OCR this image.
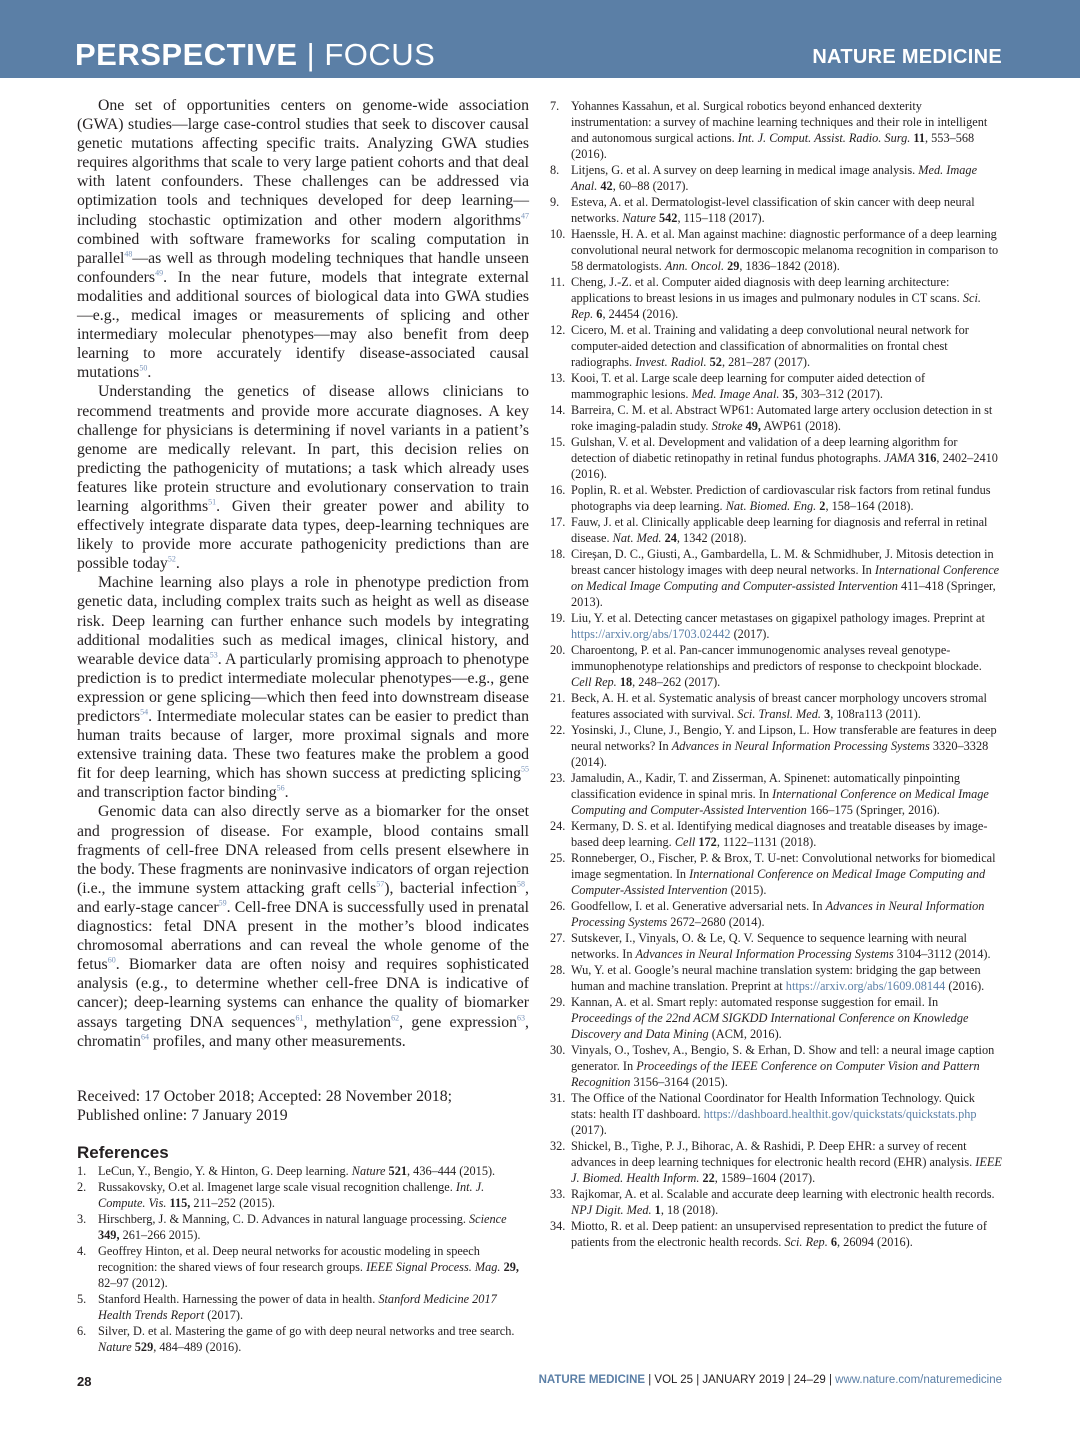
PERSPECTIVE | FOCUS	NATURE MEDICINE

One set of opportunities centers on genome-wide association (GWA) studies—large case-control studies that seek to discover causal genetic mutations affecting specific traits. Analyzing GWA studies requires algorithms that scale to very large patient cohorts and that deal with latent confounders. These challenges can be addressed via optimization tools and techniques developed for deep learning—including stochastic optimization and other modern algorithms$^{47}$ combined with software frameworks for scaling computation in parallel$^{48}$—as well as through modeling techniques that handle unseen confounders$^{49}$. In the near future, models that integrate external modalities and additional sources of biological data into GWA studies—e.g., medical images or measurements of splicing and other intermediary molecular phenotypes—may also benefit from deep learning to more accurately identify disease-associated causal mutations$^{50}$.

Understanding the genetics of disease allows clinicians to recommend treatments and provide more accurate diagnoses. A key challenge for physicians is determining if novel variants in a patient’s genome are medically relevant. In part, this decision relies on predicting the pathogenicity of mutations; a task which already uses features like protein structure and evolutionary conservation to train learning algorithms$^{51}$. Given their greater power and ability to effectively integrate disparate data types, deep-learning techniques are likely to provide more accurate pathogenicity predictions than are possible today$^{52}$.

Machine learning also plays a role in phenotype prediction from genetic data, including complex traits such as height as well as disease risk. Deep learning can further enhance such models by integrating additional modalities such as medical images, clinical history, and wearable device data$^{53}$. A particularly promising approach to phenotype prediction is to predict intermediate molecular phenotypes—e.g., gene expression or gene splicing—which then feed into downstream disease predictors$^{54}$. Intermediate molecular states can be easier to predict than human traits because of larger, more proximal signals and more extensive training data. These two features make the problem a good fit for deep learning, which has shown success at predicting splicing$^{55}$ and transcription factor binding$^{56}$.

Genomic data can also directly serve as a biomarker for the onset and progression of disease. For example, blood contains small fragments of cell-free DNA released from cells present elsewhere in the body. These fragments are noninvasive indicators of organ rejection (i.e., the immune system attacking graft cells$^{57}$), bacterial infection$^{58}$, and early-stage cancer$^{59}$. Cell-free DNA is successfully used in prenatal diagnostics: fetal DNA present in the mother’s blood indicates chromosomal aberrations and can reveal the whole genome of the fetus$^{60}$. Biomarker data are often noisy and requires sophisticated analysis (e.g., to determine whether cell-free DNA is indicative of cancer); deep-learning systems can enhance the quality of biomarker assays targeting DNA sequences$^{61}$, methylation$^{62}$, gene expression$^{63}$, chromatin$^{64}$ profiles, and many other measurements.

Received: 17 October 2018; Accepted: 28 November 2018;
Published online: 7 January 2019
References
1. LeCun, Y., Bengio, Y. & Hinton, G. Deep learning. Nature 521, 436–444 (2015).
2. Russakovsky, O.et al. Imagenet large scale visual recognition challenge. Int. J. Compute. Vis. 115, 211–252 (2015).
3. Hirschberg, J. & Manning, C. D. Advances in natural language processing. Science 349, 261–266 2015).
4. Geoffrey Hinton, et al. Deep neural networks for acoustic modeling in speech recognition: the shared views of four research groups. IEEE Signal Process. Mag. 29, 82–97 (2012).
5. Stanford Health. Harnessing the power of data in health. Stanford Medicine 2017 Health Trends Report (2017).
6. Silver, D. et al. Mastering the game of go with deep neural networks and tree search. Nature 529, 484–489 (2016).
7. Yohannes Kassahun, et al. Surgical robotics beyond enhanced dexterity instrumentation: a survey of machine learning techniques and their role in intelligent and autonomous surgical actions. Int. J. Comput. Assist. Radio. Surg. 11, 553–568 (2016).
8. Litjens, G. et al. A survey on deep learning in medical image analysis. Med. Image Anal. 42, 60–88 (2017).
9. Esteva, A. et al. Dermatologist-level classification of skin cancer with deep neural networks. Nature 542, 115–118 (2017).
10. Haenssle, H. A. et al. Man against machine: diagnostic performance of a deep learning convolutional neural network for dermoscopic melanoma recognition in comparison to 58 dermatologists. Ann. Oncol. 29, 1836–1842 (2018).
11. Cheng, J.-Z. et al. Computer aided diagnosis with deep learning architecture: applications to breast lesions in us images and pulmonary nodules in CT scans. Sci. Rep. 6, 24454 (2016).
12. Cicero, M. et al. Training and validating a deep convolutional neural network for computer-aided detection and classification of abnormalities on frontal chest radiographs. Invest. Radiol. 52, 281–287 (2017).
13. Kooi, T. et al. Large scale deep learning for computer aided detection of mammographic lesions. Med. Image Anal. 35, 303–312 (2017).
14. Barreira, C. M. et al. Abstract WP61: Automated large artery occlusion detection in st roke imaging-paladin study. Stroke 49, AWP61 (2018).
15. Gulshan, V. et al. Development and validation of a deep learning algorithm for detection of diabetic retinopathy in retinal fundus photographs. JAMA 316, 2402–2410 (2016).
16. Poplin, R. et al. Webster. Prediction of cardiovascular risk factors from retinal fundus photographs via deep learning. Nat. Biomed. Eng. 2, 158–164 (2018).
17. Fauw, J. et al. Clinically applicable deep learning for diagnosis and referral in retinal disease. Nat. Med. 24, 1342 (2018).
18. Cireșan, D. C., Giusti, A., Gambardella, L. M. & Schmidhuber, J. Mitosis detection in breast cancer histology images with deep neural networks. In International Conference on Medical Image Computing and Computer-assisted Intervention 411–418 (Springer, 2013).
19. Liu, Y. et al. Detecting cancer metastases on gigapixel pathology images. Preprint at https://arxiv.org/abs/1703.02442 (2017).
20. Charoentong, P. et al. Pan-cancer immunogenomic analyses reveal genotype-immunophenotype relationships and predictors of response to checkpoint blockade. Cell Rep. 18, 248–262 (2017).
21. Beck, A. H. et al. Systematic analysis of breast cancer morphology uncovers stromal features associated with survival. Sci. Transl. Med. 3, 108ra113 (2011).
22. Yosinski, J., Clune, J., Bengio, Y. and Lipson, L. How transferable are features in deep neural networks? In Advances in Neural Information Processing Systems 3320–3328 (2014).
23. Jamaludin, A., Kadir, T. and Zisserman, A. Spinenet: automatically pinpointing classification evidence in spinal mris. In International Conference on Medical Image Computing and Computer-Assisted Intervention 166–175 (Springer, 2016).
24. Kermany, D. S. et al. Identifying medical diagnoses and treatable diseases by image-based deep learning. Cell 172, 1122–1131 (2018).
25. Ronneberger, O., Fischer, P. & Brox, T. U-net: Convolutional networks for biomedical image segmentation. In International Conference on Medical Image Computing and Computer-Assisted Intervention (2015).
26. Goodfellow, I. et al. Generative adversarial nets. In Advances in Neural Information Processing Systems 2672–2680 (2014).
27. Sutskever, I., Vinyals, O. & Le, Q. V. Sequence to sequence learning with neural networks. In Advances in Neural Information Processing Systems 3104–3112 (2014).
28. Wu, Y. et al. Google’s neural machine translation system: bridging the gap between human and machine translation. Preprint at https://arxiv.org/abs/1609.08144 (2016).
29. Kannan, A. et al. Smart reply: automated response suggestion for email. In Proceedings of the 22nd ACM SIGKDD International Conference on Knowledge Discovery and Data Mining (ACM, 2016).
30. Vinyals, O., Toshev, A., Bengio, S. & Erhan, D. Show and tell: a neural image caption generator. In Proceedings of the IEEE Conference on Computer Vision and Pattern Recognition 3156–3164 (2015).
31. The Office of the National Coordinator for Health Information Technology. Quick stats: health IT dashboard. https://dashboard.healthit.gov/quickstats/quickstats.php (2017).
32. Shickel, B., Tighe, P. J., Bihorac, A. & Rashidi, P. Deep EHR: a survey of recent advances in deep learning techniques for electronic health record (EHR) analysis. IEEE J. Biomed. Health Inform. 22, 1589–1604 (2017).
33. Rajkomar, A. et al. Scalable and accurate deep learning with electronic health records. NPJ Digit. Med. 1, 18 (2018).
34. Miotto, R. et al. Deep patient: an unsupervised representation to predict the future of patients from the electronic health records. Sci. Rep. 6, 26094 (2016).
28	NATURE MEDICINE | VOL 25 | JANUARY 2019 | 24–29 | www.nature.com/naturemedicine
